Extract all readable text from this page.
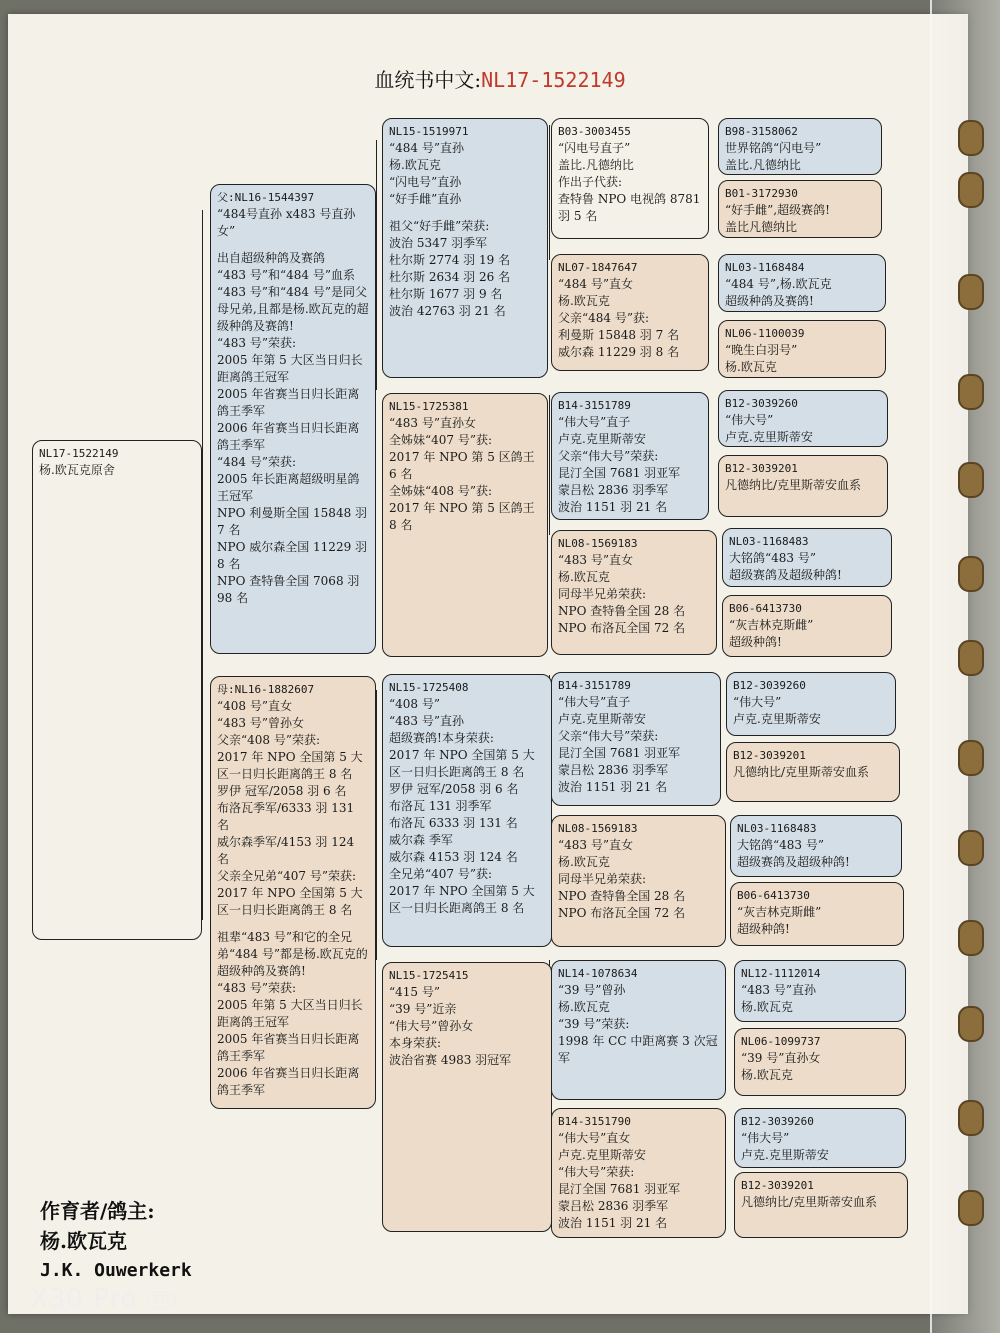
血统书中文:NL17-1522149
NL17-1522149
杨.欧瓦克原舍
父:NL16-1544397
“484号直孙 x483 号直孙女”
出自超级种鸽及赛鸽
“483 号”和“484 号”血系
“483 号”和“484 号”是同父母兄弟,且都是杨.欧瓦克的超级种鸽及赛鸽!
“483 号”荣获:
2005 年第 5 大区当日归长距离鸽王冠军
2005 年省赛当日归长距离鸽王季军
2006 年省赛当日归长距离鸽王季军
“484 号”荣获:
2005 年长距离超级明星鸽王冠军
NPO 利曼斯全国 15848 羽 7 名
NPO 威尔森全国 11229 羽 8 名
NPO 查特鲁全国 7068 羽 98 名
母:NL16-1882607
“408 号”直女
“483 号”曾孙女
父亲“408 号”荣获:
2017 年 NPO 全国第 5 大区一日归长距离鸽王 8 名
罗伊 冠军/2058 羽 6 名
布洛瓦季军/6333 羽 131 名
威尔森季军/4153 羽 124 名
父亲全兄弟“407 号”荣获:
2017 年 NPO 全国第 5 大区一日归长距离鸽王 8 名
祖辈“483 号”和它的全兄弟“484 号”都是杨.欧瓦克的超级种鸽及赛鸽!
“483 号”荣获:
2005 年第 5 大区当日归长距离鸽王冠军
2005 年省赛当日归长距离鸽王季军
2006 年省赛当日归长距离鸽王季军
NL15-1519971
“484 号”直孙
杨.欧瓦克
“闪电号”直孙
“好手雌”直孙
祖父“好手雌”荣获:
波治 5347 羽季军
杜尔斯 2774 羽 19 名
杜尔斯 2634 羽 26 名
杜尔斯 1677 羽 9 名
波治 42763 羽 21 名
NL15-1725381
“483 号”直孙女
全姊妹“407 号”获:
2017 年 NPO 第 5 区鸽王 6 名
全姊妹“408 号”获:
2017 年 NPO 第 5 区鸽王 8 名
NL15-1725408
“408 号”
“483 号”直孙
超级赛鸽!本身荣获:
2017 年 NPO 全国第 5 大区一日归长距离鸽王 8 名
罗伊 冠军/2058 羽 6 名
布洛瓦 131 羽季军
布洛瓦 6333 羽 131 名
威尔森 季军
威尔森 4153 羽 124 名
全兄弟“407 号”获:
2017 年 NPO 全国第 5 大区一日归长距离鸽王 8 名
NL15-1725415
“415 号”
“39 号”近亲
“伟大号”曾孙女
本身荣获:
波治省赛 4983 羽冠军
B03-3003455
“闪电号直子”
盖比.凡德纳比
作出子代获:
查特鲁 NPO 电视鸽 8781 羽 5 名
NL07-1847647
“484 号”直女
杨.欧瓦克
父亲“484 号”获:
利曼斯 15848 羽 7 名
威尔森 11229 羽 8 名
B14-3151789
“伟大号”直子
卢克.克里斯蒂安
父亲“伟大号”荣获:
昆汀全国 7681 羽亚军
蒙吕松 2836 羽季军
波治 1151 羽 21 名
NL08-1569183
“483 号”直女
杨.欧瓦克
同母半兄弟荣获:
NPO 查特鲁全国 28 名
NPO 布洛瓦全国 72 名
B14-3151789
“伟大号”直子
卢克.克里斯蒂安
父亲“伟大号”荣获:
昆汀全国 7681 羽亚军
蒙吕松 2836 羽季军
波治 1151 羽 21 名
NL08-1569183
“483 号”直女
杨.欧瓦克
同母半兄弟荣获:
NPO 查特鲁全国 28 名
NPO 布洛瓦全国 72 名
NL14-1078634
“39 号”曾孙
杨.欧瓦克
“39 号”荣获:
1998 年 CC 中距离赛 3 次冠军
B14-3151790
“伟大号”直女
卢克.克里斯蒂安
“伟大号”荣获:
昆汀全国 7681 羽亚军
蒙吕松 2836 羽季军
波治 1151 羽 21 名
B98-3158062
世界铭鸽“闪电号”
盖比.凡德纳比
B01-3172930
“好手雌”,超级赛鸽!
盖比凡德纳比
NL03-1168484
“484 号”,杨.欧瓦克
超级种鸽及赛鸽!
NL06-1100039
“晚生白羽号”
杨.欧瓦克
B12-3039260
“伟大号”
卢克.克里斯蒂安
B12-3039201
凡德纳比/克里斯蒂安血系
NL03-1168483
大铭鸽“483 号”
超级赛鸽及超级种鸽!
B06-6413730
“灰吉林克斯雌”
超级种鸽!
B12-3039260
“伟大号”
卢克.克里斯蒂安
B12-3039201
凡德纳比/克里斯蒂安血系
NL03-1168483
大铭鸽“483 号”
超级赛鸽及超级种鸽!
B06-6413730
“灰吉林克斯雌”
超级种鸽!
NL12-1112014
“483 号”直孙
杨.欧瓦克
NL06-1099737
“39 号”直孙女
杨.欧瓦克
B12-3039260
“伟大号”
卢克.克里斯蒂安
B12-3039201
凡德纳比/克里斯蒂安血系
作育者/鸽主:
杨.欧瓦克
J.K. Ouwerkerk
X30 Pro 5G
